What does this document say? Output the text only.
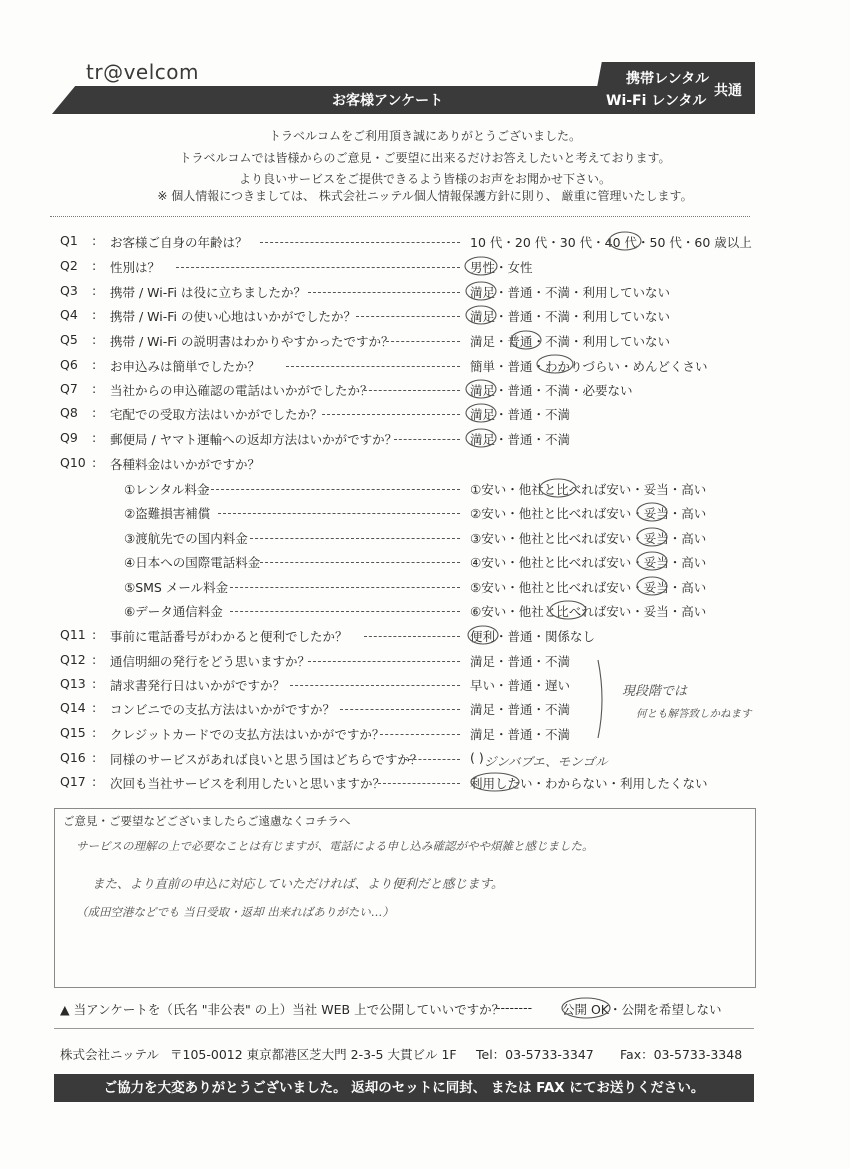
tr@velcom
お客様アンケート
携帯レンタル
Wi-Fi レンタル
共通
トラベルコムをご利用頂き誠にありがとうございました。
トラベルコムでは皆様からのご意見・ご要望に出来るだけお答えしたいと考えております。
より良いサービスをご提供できるよう皆様のお声をお聞かせ下さい。
※ 個人情報につきましては、 株式会社ニッテル個人情報保護方針に則り、 厳重に管理いたします。
Q1 : お客様ご自身の年齢は？	10 代・20 代・30 代・40 代・50 代・60 歳以上
Q2 : 性別は？	男性・女性
Q3 : 携帯 / Wi-Fi は役に立ちましたか？	満足・普通・不満・利用していない
Q4 : 携帯 / Wi-Fi の使い心地はいかがでしたか？	満足・普通・不満・利用していない
Q5 : 携帯 / Wi-Fi の説明書はわかりやすかったですか？	満足・普通・不満・利用していない
Q6 : お申込みは簡単でしたか？	簡単・普通・わかりづらい・めんどくさい
Q7 : 当社からの申込確認の電話はいかがでしたか？	満足・普通・不満・必要ない
Q8 : 宅配での受取方法はいかがでしたか？	満足・普通・不満
Q9 : 郵便局 / ヤマト運輸への返却方法はいかがですか？	満足・普通・不満
Q10 : 各種料金はいかがですか？
①レンタル料金	①安い・他社と比べれば安い・妥当・高い
②盗難損害補償	②安い・他社と比べれば安い・妥当・高い
③渡航先での国内料金	③安い・他社と比べれば安い・妥当・高い
④日本への国際電話料金	④安い・他社と比べれば安い・妥当・高い
⑤SMS メール料金	⑤安い・他社と比べれば安い・妥当・高い
⑥データ通信料金	⑥安い・他社と比べれば安い・妥当・高い
Q11 : 事前に電話番号がわかると便利でしたか？	便利・普通・関係なし
Q12 : 通信明細の発行をどう思いますか？	満足・普通・不満
Q13 : 請求書発行日はいかがですか？	早い・普通・遅い
Q14 : コンビニでの支払方法はいかがですか？	満足・普通・不満
Q15 : クレジットカードでの支払方法はいかがですか？	満足・普通・不満
Q16 : 同様のサービスがあれば良いと思う国はどちらですか？	( )
Q17 : 次回も当社サービスを利用したいと思いますか？	利用したい・わからない・利用したくない
ジンバブエ、モンゴル
現段階では
何とも解答致しかねます
ご意見・ご要望などございましたらご遠慮なくコチラへ
サービスの理解の上で必要なことは有じますが、電話による申し込み確認がやや煩雑と感じました。
また、より直前の申込に対応していただければ、より便利だと感じます。
（成田空港などでも 当日受取・返却 出来ればありがたい…）
▲ 当アンケートを（氏名 "非公表" の上）当社 WEB 上で公開していいですか？
-------- 公開 OK・公開を希望しない
株式会社ニッテル 〒105-0012 東京都港区芝大門 2-3-5 大貫ビル 1F Tel：03-5733-3347 Fax：03-5733-3348
ご協力を大変ありがとうございました。 返却のセットに同封、 または FAX にてお送りください。
